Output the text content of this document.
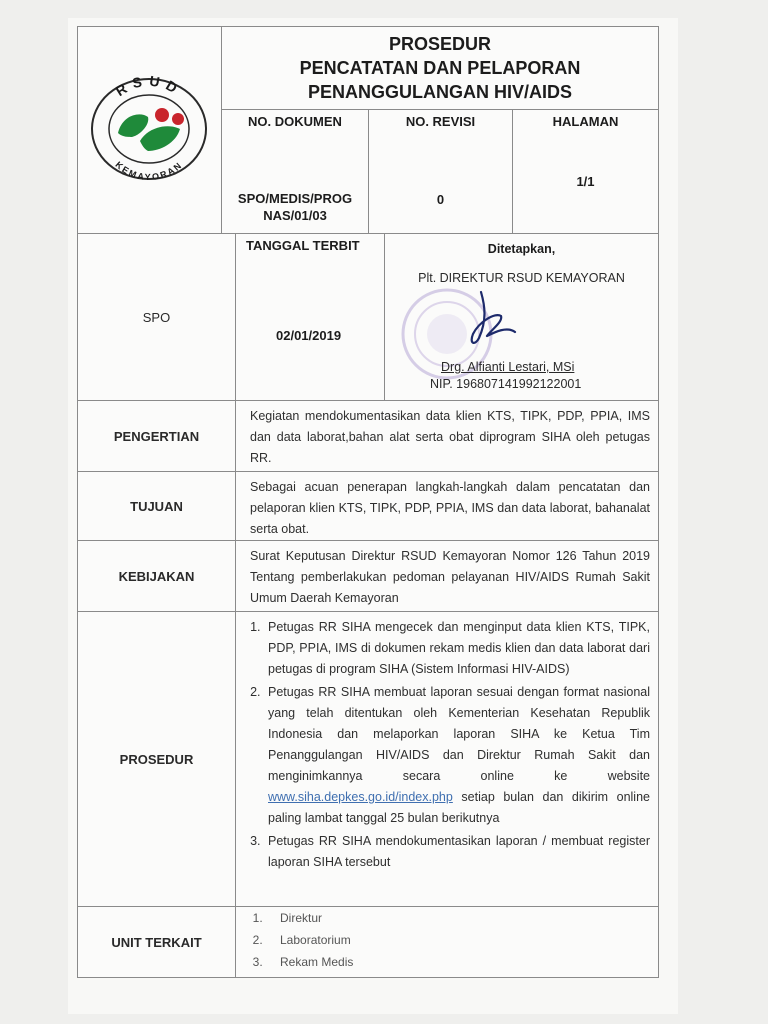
RSUD
KEMAYORAN
PROSEDUR
PENCATATAN DAN PELAPORAN
PENANGGULANGAN HIV/AIDS
NO. DOKUMEN
SPO/MEDIS/PROG
NAS/01/03
NO. REVISI
0
HALAMAN
1/1
SPO
TANGGAL TERBIT
02/01/2019
Ditetapkan,
Plt. DIREKTUR RSUD KEMAYORAN
Drg. Alfianti Lestari, MSi
NIP. 196807141992122001
PENGERTIAN
Kegiatan mendokumentasikan data klien KTS, TIPK, PDP, PPIA, IMS dan data laborat,bahan alat serta obat diprogram SIHA oleh petugas RR.
TUJUAN
Sebagai acuan penerapan langkah-langkah dalam pencatatan dan pelaporan klien KTS, TIPK, PDP, PPIA, IMS dan data laborat, bahanalat serta obat.
KEBIJAKAN
Surat Keputusan Direktur RSUD Kemayoran Nomor 126 Tahun 2019 Tentang pemberlakukan pedoman pelayanan HIV/AIDS Rumah Sakit Umum Daerah Kemayoran
PROSEDUR
1. Petugas RR SIHA mengecek dan menginput data klien KTS, TIPK, PDP, PPIA, IMS di dokumen rekam medis klien dan data laborat dari petugas di program SIHA (Sistem Informasi HIV-AIDS)
2. Petugas RR SIHA membuat laporan sesuai dengan format nasional yang telah ditentukan oleh Kementerian Kesehatan Republik Indonesia dan melaporkan laporan SIHA ke Ketua Tim Penanggulangan HIV/AIDS dan Direktur Rumah Sakit dan menginimkannya secara online ke website www.siha.depkes.go.id/index.php setiap bulan dan dikirim online paling lambat tanggal 25 bulan berikutnya
3. Petugas RR SIHA mendokumentasikan laporan / membuat register laporan SIHA tersebut
UNIT TERKAIT
1. Direktur
2. Laboratorium
3. Rekam Medis
